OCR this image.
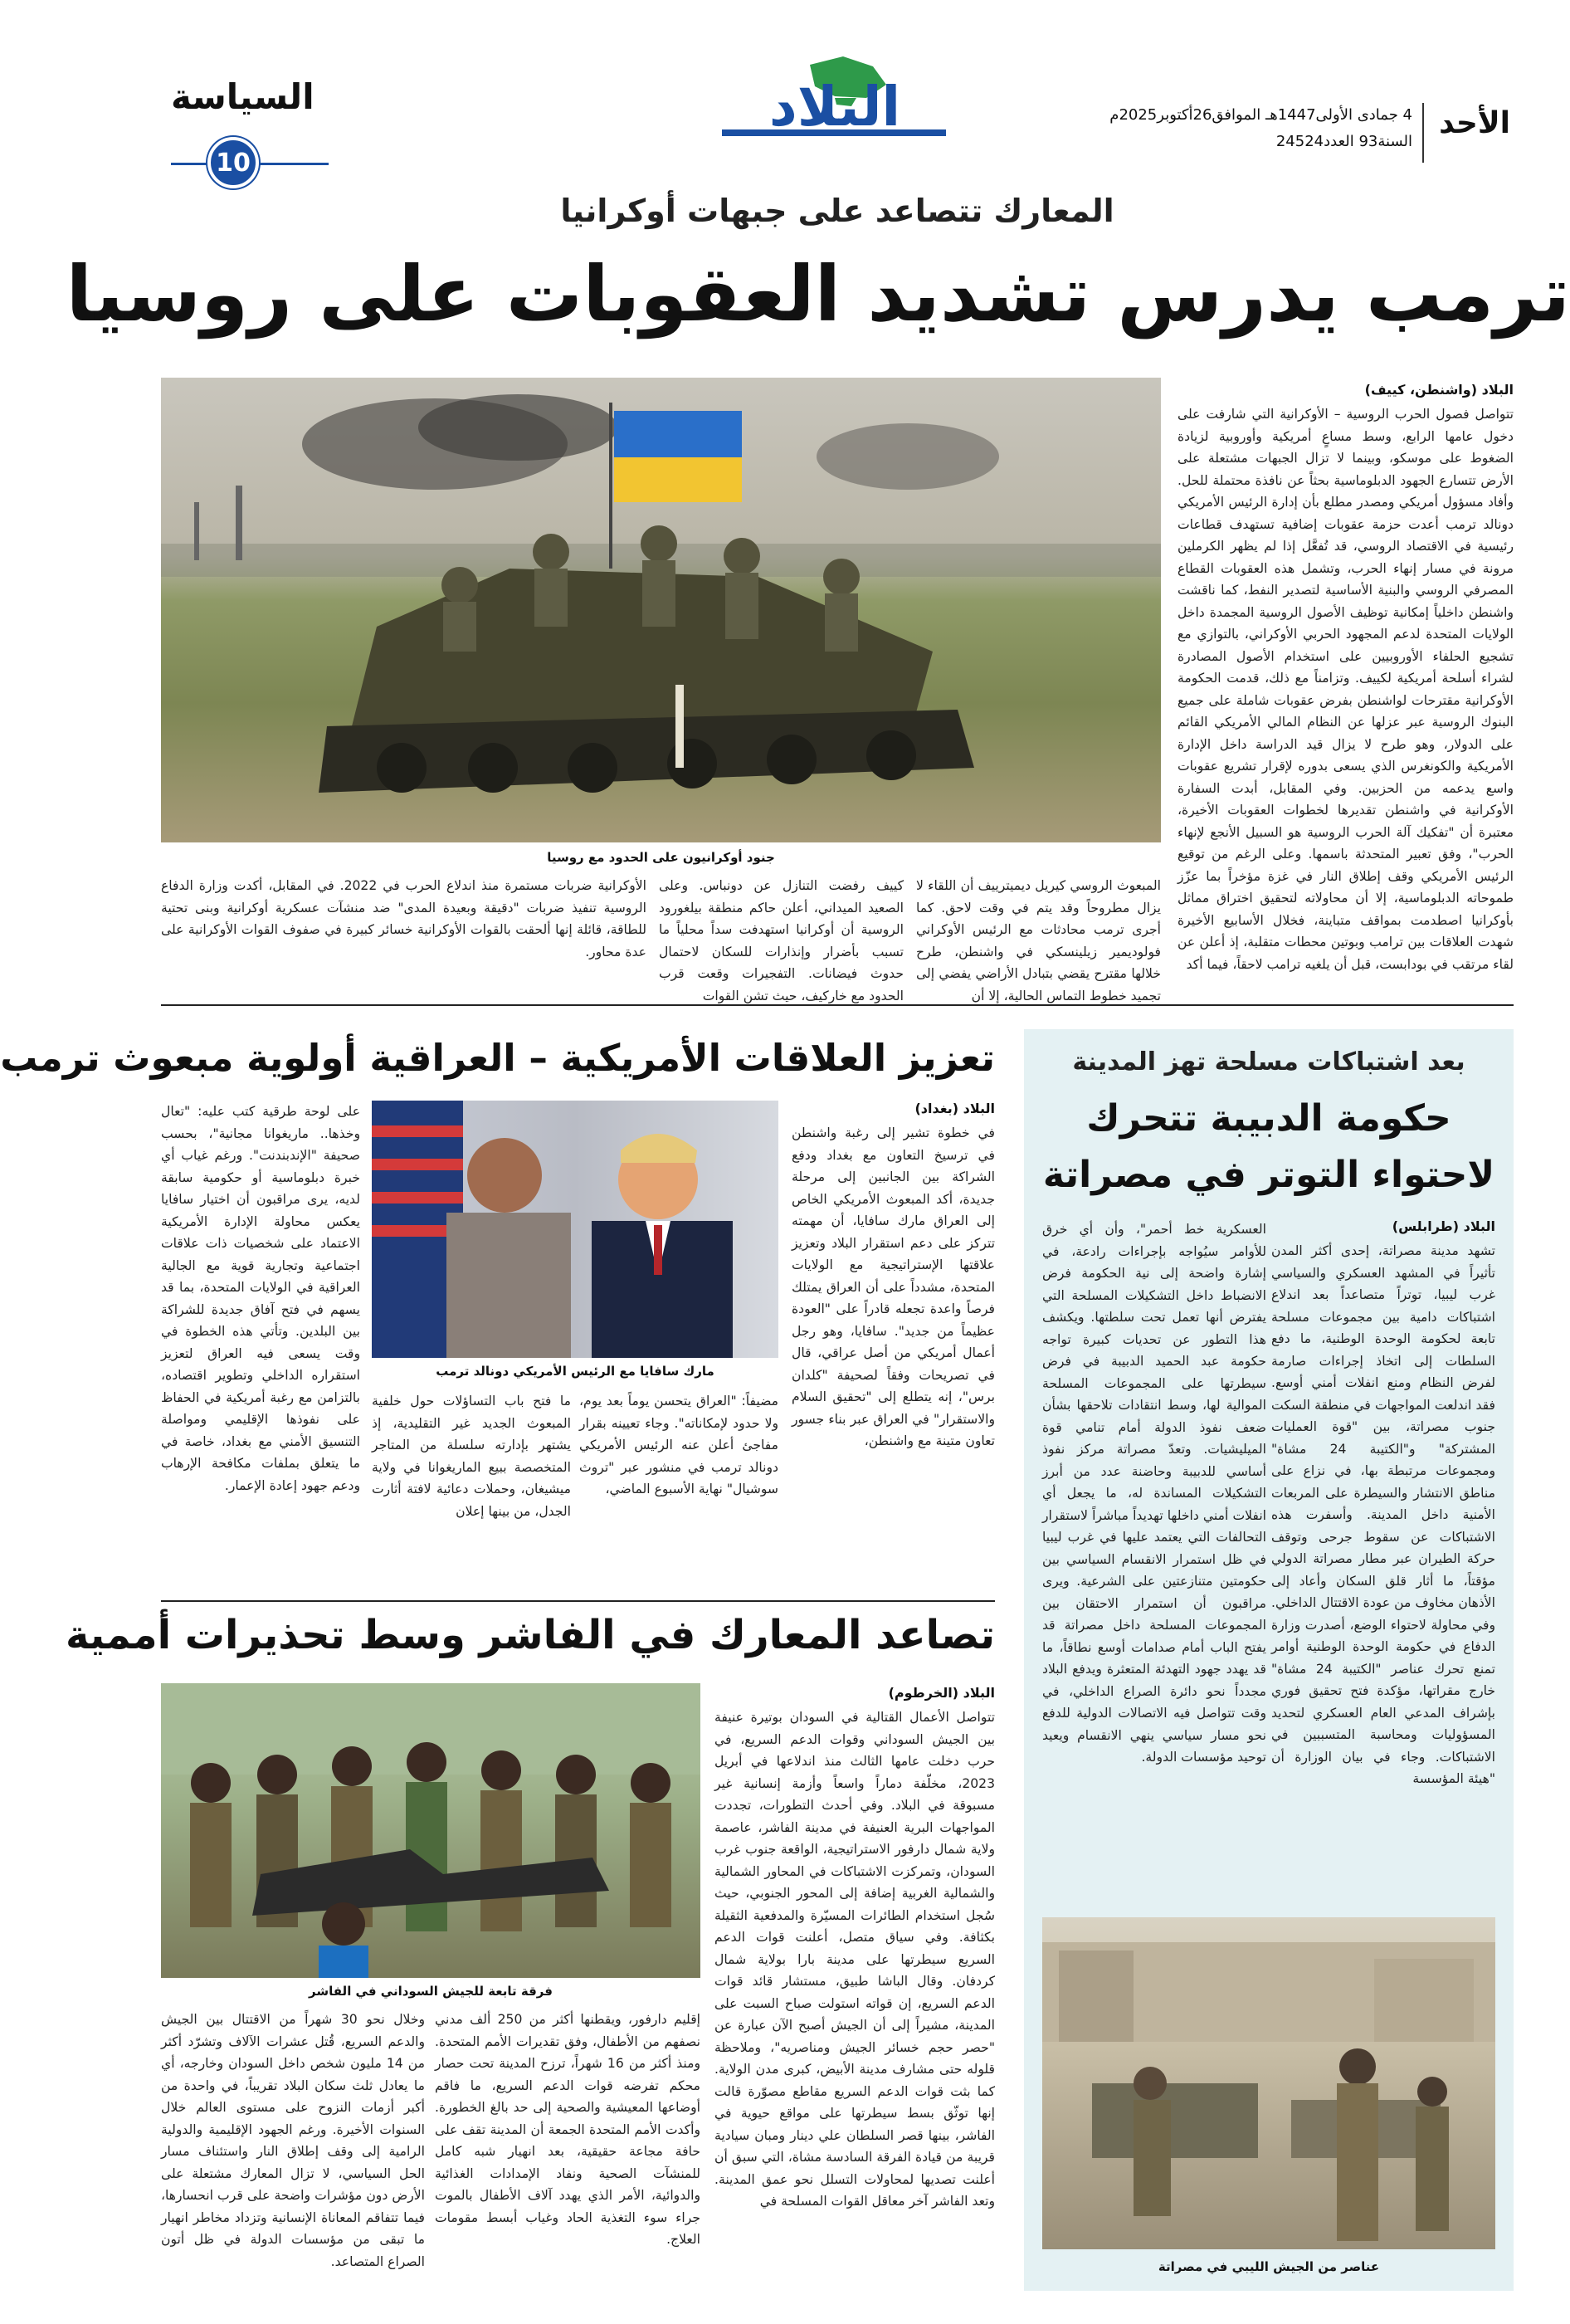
الأحد
4 جمادى الأولى1447هـ الموافق26أكتوبر2025م
السنة93 العدد24524
البلاد
السياسة
10
المعارك تتصاعد على جبهات أوكرانيا
ترمب يدرس تشديد العقوبات على روسيا
جنود أوكرانيون على الحدود مع روسيا
البلاد (واشنطن، كييف)

تتواصل فصول الحرب الروسية – الأوكرانية التي شارفت على دخول عامها الرابع، وسط مساعٍ أمريكية وأوروبية لزيادة الضغوط على موسكو، وبينما لا تزال الجبهات مشتعلة على الأرض تتسارع الجهود الدبلوماسية بحثاً عن نافذة محتملة للحل. وأفاد مسؤول أمريكي ومصدر مطلع بأن إدارة الرئيس الأمريكي دونالد ترمب أعدت حزمة عقوبات إضافية تستهدف قطاعات رئيسية في الاقتصاد الروسي، قد تُفعَّل إذا لم يظهر الكرملين مرونة في مسار إنهاء الحرب، وتشمل هذه العقوبات القطاع المصرفي الروسي والبنية الأساسية لتصدير النفط، كما ناقشت واشنطن داخلياً إمكانية توظيف الأصول الروسية المجمدة داخل الولايات المتحدة لدعم المجهود الحربي الأوكراني، بالتوازي مع تشجيع الحلفاء الأوروبيين على استخدام الأصول المصادرة لشراء أسلحة أمريكية لكييف. وتزامناً مع ذلك، قدمت الحكومة الأوكرانية مقترحات لواشنطن بفرض عقوبات شاملة على جميع البنوك الروسية عبر عزلها عن النظام المالي الأمريكي القائم على الدولار، وهو طرح لا يزال قيد الدراسة داخل الإدارة الأمريكية والكونغرس الذي يسعى بدوره لإقرار تشريع عقوبات واسع يدعمه من الحزبين. وفي المقابل، أبدت السفارة الأوكرانية في واشنطن تقديرها لخطوات العقوبات الأخيرة، معتبرة أن "تفكيك آلة الحرب الروسية هو السبيل الأنجع لإنهاء الحرب"، وفق تعبير المتحدثة باسمها. وعلى الرغم من توقيع الرئيس الأمريكي وقف إطلاق النار في غزة مؤخراً بما عزّز طموحاته الدبلوماسية، إلا أن محاولاته لتحقيق اختراق مماثل بأوكرانيا اصطدمت بمواقف متباينة، فخلال الأسابيع الأخيرة شهدت العلاقات بين ترامب وبوتين محطات متقلبة، إذ أعلن عن لقاء مرتقب في بودابست، قبل أن يلغيه ترامب لاحقاً، فيما أكد

المبعوث الروسي كيريل ديميترييف أن اللقاء لا يزال مطروحاً وقد يتم في وقت لاحق. كما أجرى ترمب محادثات مع الرئيس الأوكراني فولوديمير زيلينسكي في واشنطن، طرح خلالها مقترح يقضي بتبادل الأراضي يفضي إلى تجميد خطوط التماس الحالية، إلا أن

كييف رفضت التنازل عن دونباس. وعلى الصعيد الميداني، أعلن حاكم منطقة بيلغورود الروسية أن أوكرانيا استهدفت سداً محلياً ما تسبب بأضرار وإنذارات للسكان لاحتمال حدوث فيضانات. التفجيرات وقعت قرب الحدود مع خاركيف، حيث تشن القوات

الأوكرانية ضربات مستمرة منذ اندلاع الحرب في 2022. في المقابل، أكدت وزارة الدفاع الروسية تنفيذ ضربات "دقيقة وبعيدة المدى" ضد منشآت عسكرية أوكرانية وبنى تحتية للطاقة، قائلة إنها ألحقت بالقوات الأوكرانية خسائر كبيرة في صفوف القوات الأوكرانية على عدة محاور.

بعد اشتباكات مسلحة تهز المدينة
حكومة الدبيبة تتحرك
لاحتواء التوتر في مصراتة
البلاد (طرابلس)

تشهد مدينة مصراتة، إحدى أكثر المدن تأثيراً في المشهد العسكري والسياسي غرب ليبيا، توتراً متصاعداً بعد اندلاع اشتباكات دامية بين مجموعات مسلحة تابعة لحكومة الوحدة الوطنية، ما دفع السلطات إلى اتخاذ إجراءات صارمة لفرض النظام ومنع انفلات أمني أوسع. فقد اندلعت المواجهات في منطقة السكت جنوب مصراتة، بين "قوة العمليات المشتركة" و"الكتيبة 24 مشاة" ومجموعات مرتبطة بها، في نزاع على مناطق الانتشار والسيطرة على المربعات الأمنية داخل المدينة. وأسفرت هذه الاشتباكات عن سقوط جرحى وتوقف حركة الطيران عبر مطار مصراتة الدولي مؤقتاً، ما أثار قلق السكان وأعاد إلى الأذهان مخاوف من عودة الاقتتال الداخلي. وفي محاولة لاحتواء الوضع، أصدرت وزارة الدفاع في حكومة الوحدة الوطنية أوامر تمنع تحرك عناصر "الكتيبة 24 مشاة" خارج مقراتها، مؤكدة فتح تحقيق فوري بإشراف المدعي العام العسكري لتحديد المسؤوليات ومحاسبة المتسببين في الاشتباكات. وجاء في بيان الوزارة أن "هيئة المؤسسة

العسكرية خط أحمر"، وأن أي خرق للأوامر سيُواجه بإجراءات رادعة، في إشارة واضحة إلى نية الحكومة فرض الانضباط داخل التشكيلات المسلحة التي يفترض أنها تعمل تحت سلطتها. ويكشف هذا التطور عن تحديات كبيرة تواجه حكومة عبد الحميد الدبيبة في فرض سيطرتها على المجموعات المسلحة الموالية لها، وسط انتقادات تلاحقها بشأن ضعف نفوذ الدولة أمام تنامي قوة الميليشيات. وتعدّ مصراتة مركز نفوذ أساسي للدبيبة وحاضنة عدد من أبرز التشكيلات المساندة له، ما يجعل أي انفلات أمني داخلها تهديداً مباشراً لاستقرار التحالفات التي يعتمد عليها في غرب ليبيا في ظل استمرار الانقسام السياسي بين حكومتين متنازعتين على الشرعية. ويرى مراقبون أن استمرار الاحتقان بين المجموعات المسلحة داخل مصراتة قد يفتح الباب أمام صدامات أوسع نطاقاً، ما قد يهدد جهود التهدئة المتعثرة ويدفع البلاد مجدداً نحو دائرة الصراع الداخلي، في وقت تتواصل فيه الاتصالات الدولية للدفع نحو مسار سياسي ينهي الانقسام ويعيد توحيد مؤسسات الدولة.

عناصر من الجيش الليبي في مصراتة
تعزيز العلاقات الأمريكية – العراقية أولوية مبعوث ترمب
البلاد (بغداد)

في خطوة تشير إلى رغبة واشنطن في ترسيخ التعاون مع بغداد ودفع الشراكة بين الجانبين إلى مرحلة جديدة، أكد المبعوث الأمريكي الخاص إلى العراق مارك سافايا، أن مهمته تتركز على دعم استقرار البلاد وتعزيز علاقتها الإستراتيجية مع الولايات المتحدة، مشدداً على أن العراق يمتلك فرصاً واعدة تجعله قادراً على "العودة عظيماً من جديد". سافايا، وهو رجل أعمال أمريكي من أصل عراقي، قال في تصريحات وفقاً لصحيفة "كلدان برس"، إنه يتطلع إلى "تحقيق السلام والاستقرار" في العراق عبر بناء جسور تعاون متينة مع واشنطن،

مارك سافايا مع الرئيس الأمريكي دونالد ترمب

مضيفاً: "العراق يتحسن يوماً بعد يوم، ولا حدود لإمكاناته". وجاء تعيينه بقرار مفاجئ أعلن عنه الرئيس الأمريكي دونالد ترمب في منشور عبر "تروث سوشيال" نهاية الأسبوع الماضي،

ما فتح باب التساؤلات حول خلفية المبعوث الجديد غير التقليدية، إذ يشتهر بإدارته سلسلة من المتاجر المتخصصة ببيع الماريغوانا في ولاية ميشيغان، وحملات دعائية لافتة أثارت الجدل، من بينها إعلان

على لوحة طرقية كتب عليه: "تعال وخذها.. ماريغوانا مجانية"، بحسب صحيفة "الإندبندنت". ورغم غياب أي خبرة دبلوماسية أو حكومية سابقة لديه، يرى مراقبون أن اختيار سافايا يعكس محاولة الإدارة الأمريكية الاعتماد على شخصيات ذات علاقات اجتماعية وتجارية قوية مع الجالية العراقية في الولايات المتحدة، بما قد يسهم في فتح آفاق جديدة للشراكة بين البلدين. وتأتي هذه الخطوة في وقت يسعى فيه العراق لتعزيز استقراره الداخلي وتطوير اقتصاده، بالتزامن مع رغبة أمريكية في الحفاظ على نفوذها الإقليمي ومواصلة التنسيق الأمني مع بغداد، خاصة في ما يتعلق بملفات مكافحة الإرهاب ودعم جهود إعادة الإعمار.

تصاعد المعارك في الفاشر وسط تحذيرات أممية
فرقة تابعة للجيش السوداني في الفاشر
البلاد (الخرطوم)

تتواصل الأعمال القتالية في السودان بوتيرة عنيفة بين الجيش السوداني وقوات الدعم السريع، في حرب دخلت عامها الثالث منذ اندلاعها في أبريل 2023، مخلّفة دماراً واسعاً وأزمة إنسانية غير مسبوقة في البلاد. وفي أحدث التطورات، تجددت المواجهات البرية العنيفة في مدينة الفاشر، عاصمة ولاية شمال دارفور الاستراتيجية، الواقعة جنوب غرب السودان، وتمركزت الاشتباكات في المحاور الشمالية والشمالية الغربية إضافة إلى المحور الجنوبي، حيث سُجل استخدام الطائرات المسيّرة والمدفعية الثقيلة بكثافة. وفي سياق متصل، أعلنت قوات الدعم السريع سيطرتها على مدينة بارا بولاية شمال كردفان. وقال الباشا طبيق، مستشار قائد قوات الدعم السريع، إن قواته استولت صباح السبت على المدينة، مشيراً إلى أن الجيش أصبح الآن عبارة عن "حصر حجم خسائر الجيش ومناصريه"، وملاحظة قلوله حتى مشارف مدينة الأبيض، كبرى مدن الولاية. كما بثت قوات الدعم السريع مقاطع مصوّرة قالت إنها توثّق بسط سيطرتها على مواقع حيوية في الفاشر، بينها قصر السلطان علي دينار ومبان سيادية قريبة من قيادة الفرقة السادسة مشاة، التي سبق أن أعلنت تصديها لمحاولات التسلل نحو عمق المدينة. وتعد الفاشر آخر معاقل القوات المسلحة في

إقليم دارفور، ويقطنها أكثر من 250 ألف مدني نصفهم من الأطفال، وفق تقديرات الأمم المتحدة. ومنذ أكثر من 16 شهراً، ترزح المدينة تحت حصار محكم تفرضه قوات الدعم السريع، ما فاقم أوضاعها المعيشية والصحية إلى حد بالغ الخطورة. وأكدت الأمم المتحدة الجمعة أن المدينة تقف على حافة مجاعة حقيقية، بعد انهيار شبه كامل للمنشآت الصحية ونفاد الإمدادات الغذائية والدوائية، الأمر الذي يهدد آلاف الأطفال بالموت جراء سوء التغذية الحاد وغياب أبسط مقومات العلاج.

وخلال نحو 30 شهراً من الاقتتال بين الجيش والدعم السريع، قُتل عشرات الآلاف وتشرّد أكثر من 14 مليون شخص داخل السودان وخارجه، أي ما يعادل ثلث سكان البلاد تقريباً، في واحدة من أكبر أزمات النزوح على مستوى العالم خلال السنوات الأخيرة. ورغم الجهود الإقليمية والدولية الرامية إلى وقف إطلاق النار واستئناف مسار الحل السياسي، لا تزال المعارك مشتعلة على الأرض دون مؤشرات واضحة على قرب انحسارها، فيما تتفاقم المعاناة الإنسانية وتزداد مخاطر انهيار ما تبقى من مؤسسات الدولة في ظل أتون الصراع المتصاعد.
